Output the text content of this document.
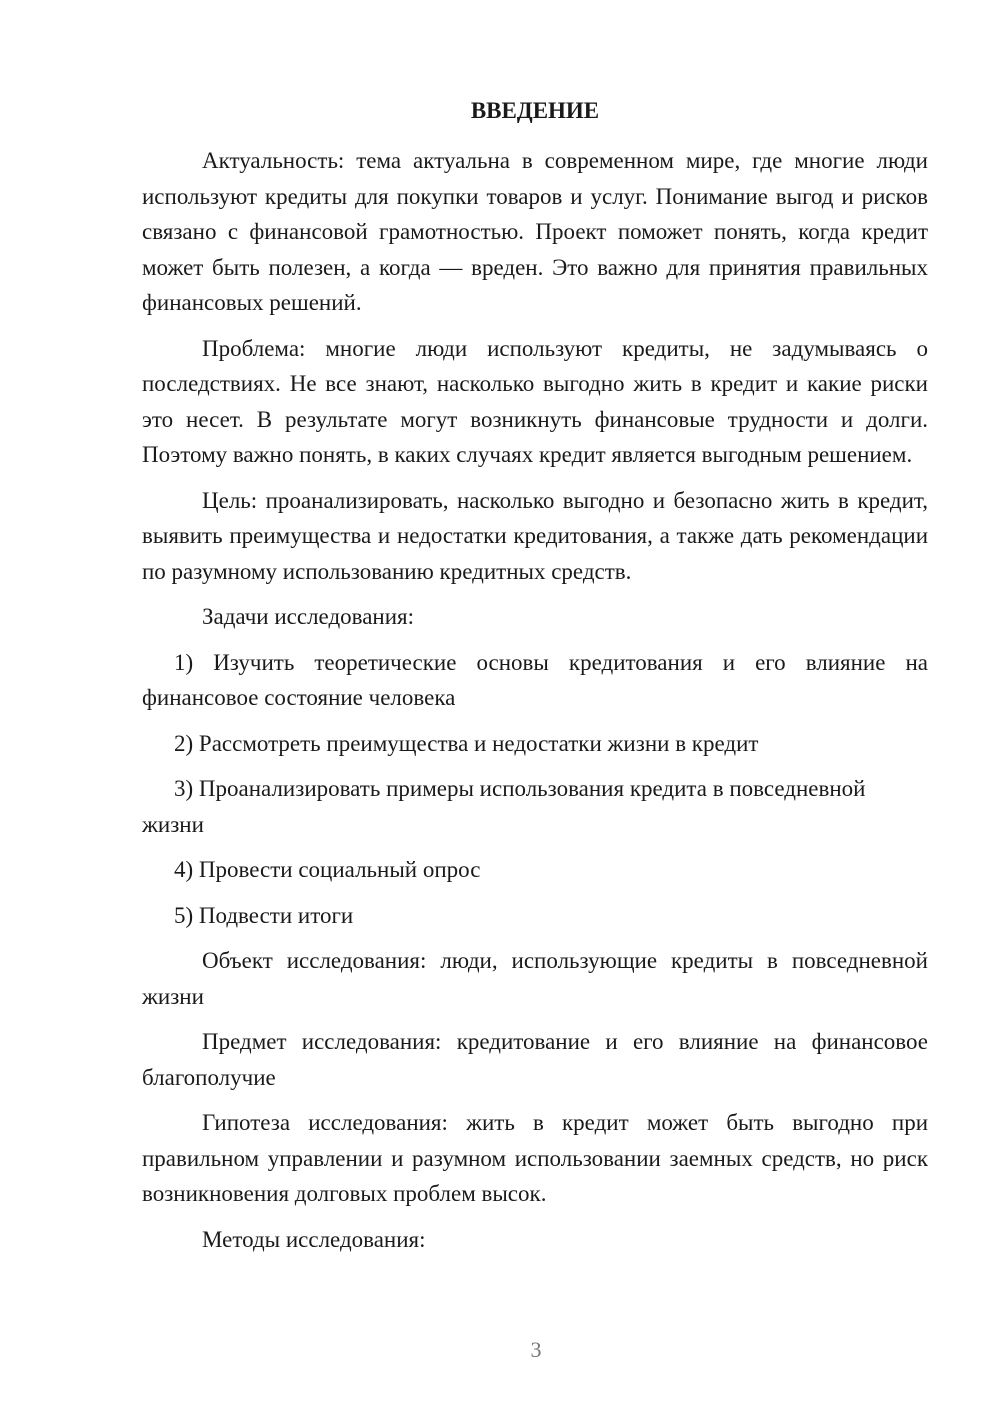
ВВЕДЕНИЕ

Актуальность: тема актуальна в современном мире, где многие люди используют кредиты для покупки товаров и услуг. Понимание выгод и рисков связано с финансовой грамотностью. Проект поможет понять, когда кредит может быть полезен, а когда — вреден. Это важно для принятия правильных финансовых решений.

Проблема: многие люди используют кредиты, не задумываясь о последствиях. Не все знают, насколько выгодно жить в кредит и какие риски это несет. В результате могут возникнуть финансовые трудности и долги. Поэтому важно понять, в каких случаях кредит является выгодным решением.

Цель: проанализировать, насколько выгодно и безопасно жить в кредит, выявить преимущества и недостатки кредитования, а также дать рекомендации по разумному использованию кредитных средств.

Задачи исследования:

1) Изучить теоретические основы кредитования и его влияние на финансовое состояние человека

2) Рассмотреть преимущества и недостатки жизни в кредит

3) Проанализировать примеры использования кредита в повседневной жизни

4) Провести социальный опрос

5) Подвести итоги

Объект исследования: люди, использующие кредиты в повседневной жизни

Предмет исследования: кредитование и его влияние на финансовое благополучие

Гипотеза исследования: жить в кредит может быть выгодно при правильном управлении и разумном использовании заемных средств, но риск возникновения долговых проблем высок.

Методы исследования:

3
